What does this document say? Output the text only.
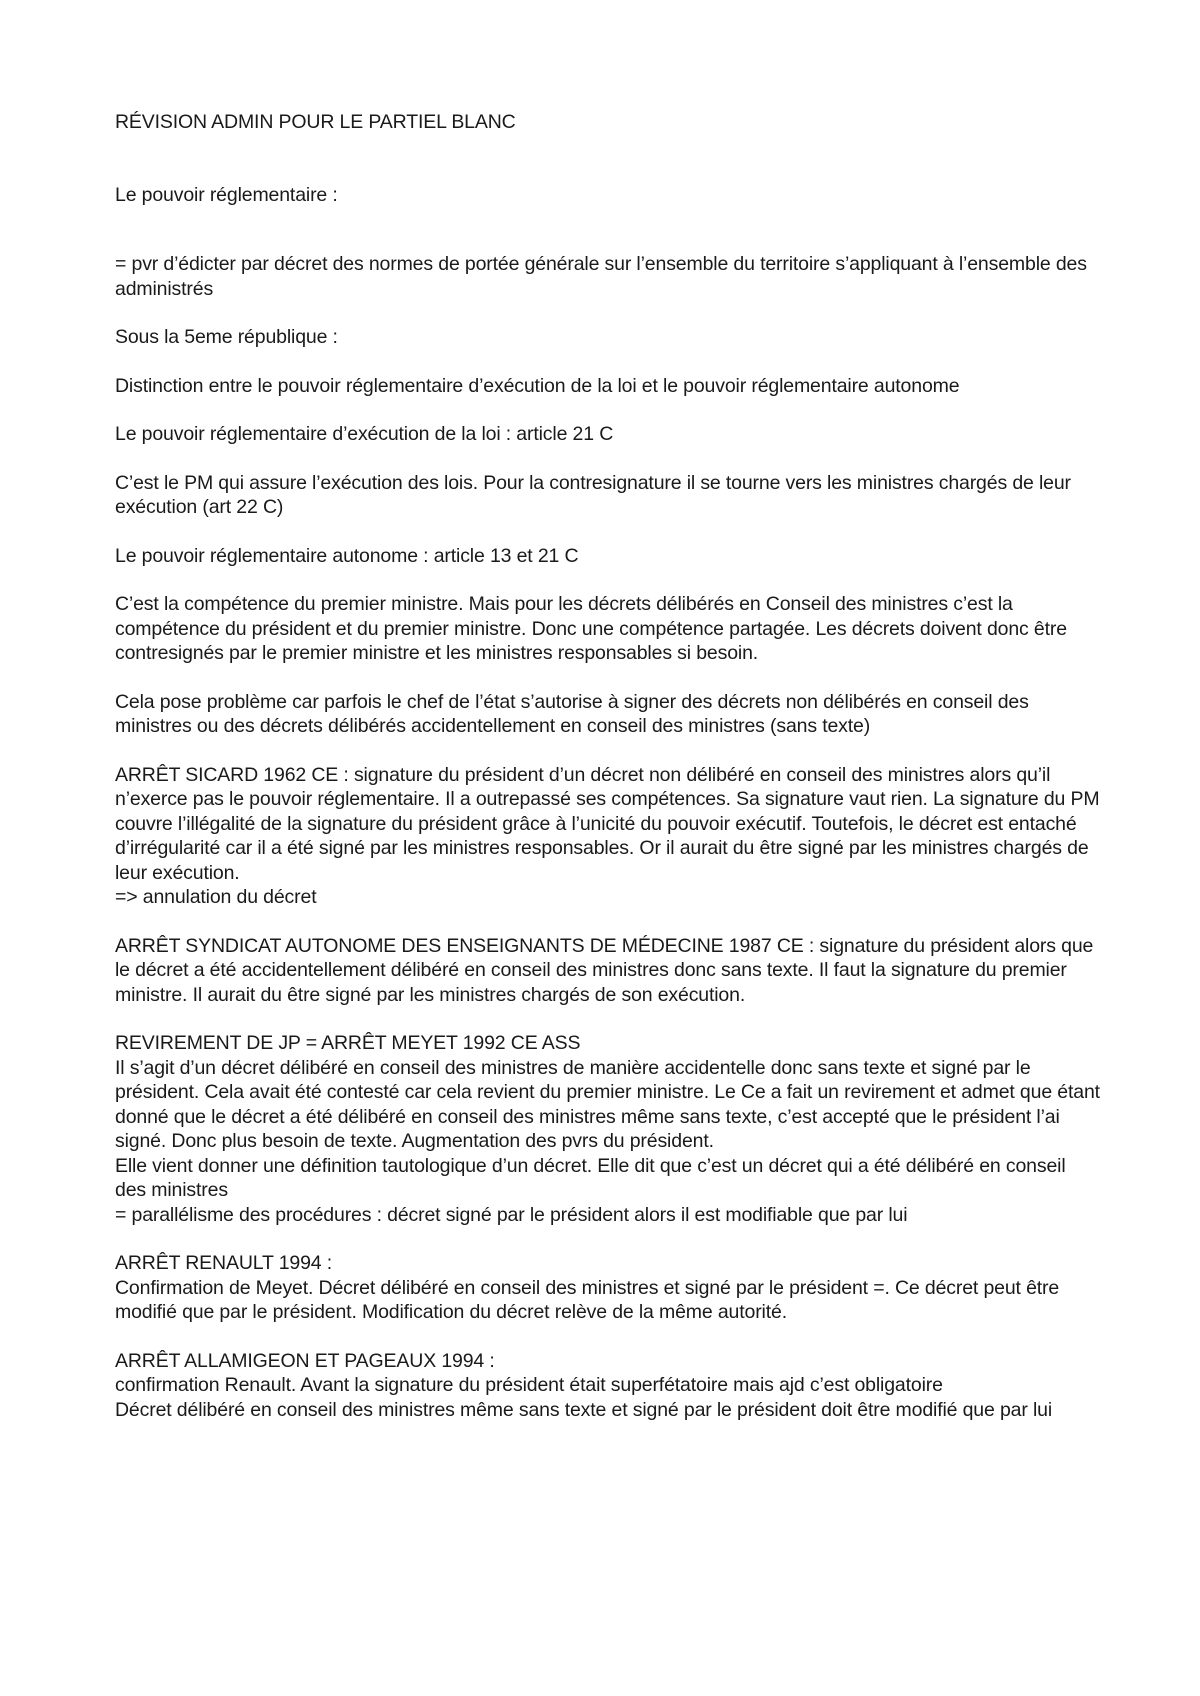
RÉVISION ADMIN POUR LE PARTIEL BLANC

Le pouvoir réglementaire :

= pvr d’édicter par décret des normes de portée générale sur l’ensemble du territoire s’appliquant à l’ensemble des administrés

Sous la 5eme république :

Distinction entre le pouvoir réglementaire d’exécution de la loi et le pouvoir réglementaire autonome

Le pouvoir réglementaire d’exécution de la loi : article 21 C

C’est le PM qui assure l’exécution des lois. Pour la contresignature il se tourne vers les ministres chargés de leur exécution (art 22 C)

Le pouvoir réglementaire autonome : article 13 et 21 C

C’est la compétence du premier ministre. Mais pour les décrets délibérés en Conseil des ministres c’est la compétence du président et du premier ministre. Donc une compétence partagée. Les décrets doivent donc être contresignés par le premier ministre et les ministres responsables si besoin.

Cela pose problème car parfois le chef de l’état s’autorise à signer des décrets non délibérés en conseil des ministres ou des décrets délibérés accidentellement en conseil des ministres (sans texte)

ARRÊT SICARD 1962 CE : signature du président d’un décret non délibéré en conseil des ministres alors qu’il n’exerce pas le pouvoir réglementaire. Il a outrepassé ses compétences. Sa signature vaut rien. La signature du PM couvre l’illégalité de la signature du président grâce à l’unicité du pouvoir exécutif. Toutefois, le décret est entaché d’irrégularité car il a été signé par les ministres responsables. Or il aurait du être signé par les ministres chargés de leur exécution.

=> annulation du décret

ARRÊT SYNDICAT AUTONOME DES ENSEIGNANTS DE MÉDECINE 1987 CE : signature du président alors que le décret a été accidentellement délibéré en conseil des ministres donc sans texte. Il faut la signature du premier ministre. Il aurait du être signé par les ministres chargés de son exécution.

REVIREMENT DE JP = ARRÊT MEYET 1992 CE ASS

Il s’agit d’un décret délibéré en conseil des ministres de manière accidentelle donc sans texte et signé par le président. Cela avait été contesté car cela revient du premier ministre. Le Ce a fait un revirement et admet que étant donné que le décret a été délibéré en conseil des ministres même sans texte, c’est accepté que le président l’ai signé. Donc plus besoin de texte. Augmentation des pvrs du président.

Elle vient donner une définition tautologique d’un décret. Elle dit que c’est un décret qui a été délibéré en conseil des ministres

= parallélisme des procédures : décret signé par le président alors il est modifiable que par lui

ARRÊT RENAULT 1994 :

Confirmation de Meyet. Décret délibéré en conseil des ministres et signé par le président =. Ce décret peut être modifié que par le président. Modification du décret relève de la même autorité.

ARRÊT ALLAMIGEON ET PAGEAUX 1994 :

confirmation Renault. Avant la signature du président était superfétatoire mais ajd c’est obligatoire

Décret délibéré en conseil des ministres même sans texte et signé par le président doit être modifié que par lui
